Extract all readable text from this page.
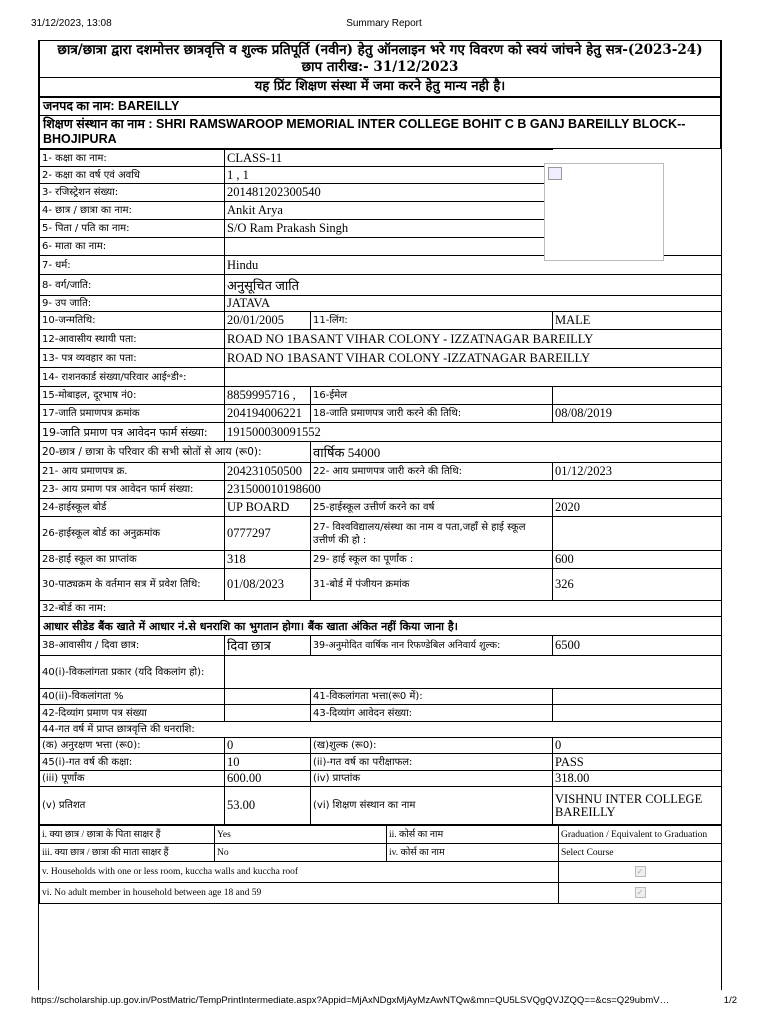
31/12/2023, 13:08	Summary Report
छात्र/छात्रा द्वारा दशमोत्तर छात्रवृत्ति व शुल्क प्रतिपूर्ति (नवीन) हेतु ऑनलाइन भरे गए विवरण को स्वयं जांचने हेतु सत्र-(2023-24)
छाप तारीख:- 31/12/2023
यह प्रिंट शिक्षण संस्था में जमा करने हेतु मान्य नही है।
जनपद का नाम: BAREILLY
शिक्षण संस्थान का नाम : SHRI RAMSWAROOP MEMORIAL INTER COLLEGE BOHIT C B GANJ BAREILLY BLOCK--BHOJIPURA
1- कक्षा का नाम:	CLASS-11		
2- कक्षा का वर्ष एवं अवधि	1 , 1		
3- रजिस्ट्रेशन संख्या:	201481202300540		
4- छात्र / छात्रा का नाम:	Ankit Arya		
5- पिता / पति का नाम:	S/O Ram Prakash Singh		
6- माता का नाम:			
7- धर्म:	Hindu		
8- वर्ग/जाति:	अनुसूचित जाति		
9- उप जाति:	JATAVA		
10-जन्मतिथि:	20/01/2005	11-लिंग:	MALE
12-आवासीय स्थायी पता:	ROAD NO 1BASANT VIHAR COLONY - IZZATNAGAR BAREILLY		
13- पत्र व्यवहार का पता:	ROAD NO 1BASANT VIHAR COLONY -IZZATNAGAR BAREILLY		
14- राशनकार्ड संख्या/परिवार आई॰डी॰:			
15-मोबाइल, दूरभाष नं0:	8859995716 ,	16-ईमेल	
17-जाति प्रमाणपत्र क्रमांक	204194006221	18-जाति प्रमाणपत्र जारी करने की तिथि:	08/08/2019
19-जाति प्रमाण पत्र आवेदन फार्म संख्या:	191500030091552		
20-छात्र / छात्रा के परिवार की सभी स्रोतों से आय (रू0):		वार्षिक 54000	
21- आय प्रमाणपत्र क्र.	204231050500	22- आय प्रमाणपत्र जारी करने की तिथि:	01/12/2023
23- आय प्रमाण पत्र आवेदन फार्म संख्या:	231500010198600		
24-हाईस्कूल बोर्ड	UP BOARD	25-हाईस्कूल उत्तीर्ण करने का वर्ष	2020
26-हाईस्कूल बोर्ड का अनुक्रमांक	0777297	27- विश्वविद्यालय/संस्था का नाम व पता,जहाँ से हाई स्कूल उत्तीर्ण की हो :	
28-हाई स्कूल का प्राप्तांक	318	29- हाई स्कूल का पूर्णांक :	600
30-पाठ्यक्रम के वर्तमान सत्र में प्रवेश तिथि:	01/08/2023	31-बोर्ड में पंजीयन क्रमांक	326
32-बोर्ड का नाम:			
आधार सीडेड बैंक खाते में आधार नं.से धनराशि का भुगतान होगा। बैंक खाता अंकित नहीं किया जाना है।			
38-आवासीय / दिवा छात्र:	दिवा छात्र	39-अनुमोदित वार्षिक नान रिफण्डेबिल अनिवार्य शुल्क:	6500
40(i)-विकलांगता प्रकार (यदि विकलांग हो):			
40(ii)-विकलांगता %		41-विकलांगता भत्ता(रू0 में):	
42-दिव्यांग प्रमाण पत्र संख्या		43-दिव्यांग आवेदन संख्या:	
44-गत वर्ष में प्राप्त छात्रवृत्ति की धनराशि:			
(क) अनुरक्षण भत्ता (रू0):	0	(ख)शुल्क (रू0):	0
45(i)-गत वर्ष की कक्षा:	10	(ii)-गत वर्ष का परीक्षाफल:	PASS
(iii) पूर्णांक	600.00	(iv) प्राप्तांक	318.00
(v) प्रतिशत	53.00	(vi) शिक्षण संस्थान का नाम	VISHNU INTER COLLEGE BAREILLY
i. क्या छात्र / छात्रा के पिता साक्षर हैं	Yes	ii. कोर्स का नाम	Graduation / Equivalent to Graduation
iii. क्या छात्र / छात्रा की माता साक्षर हैं	No	iv. कोर्स का नाम	Select Course
v. Households with one or less room, kuccha walls and kuccha roof			✓
vi. No adult member in household between age 18 and 59			✓
https://scholarship.up.gov.in/PostMatric/TempPrintIntermediate.aspx?Appid=MjAxNDgxMjAyMzAwNTQw&mn=QU5LSVQgQVJZQQ==&cs=Q29ubmV…	1/2
